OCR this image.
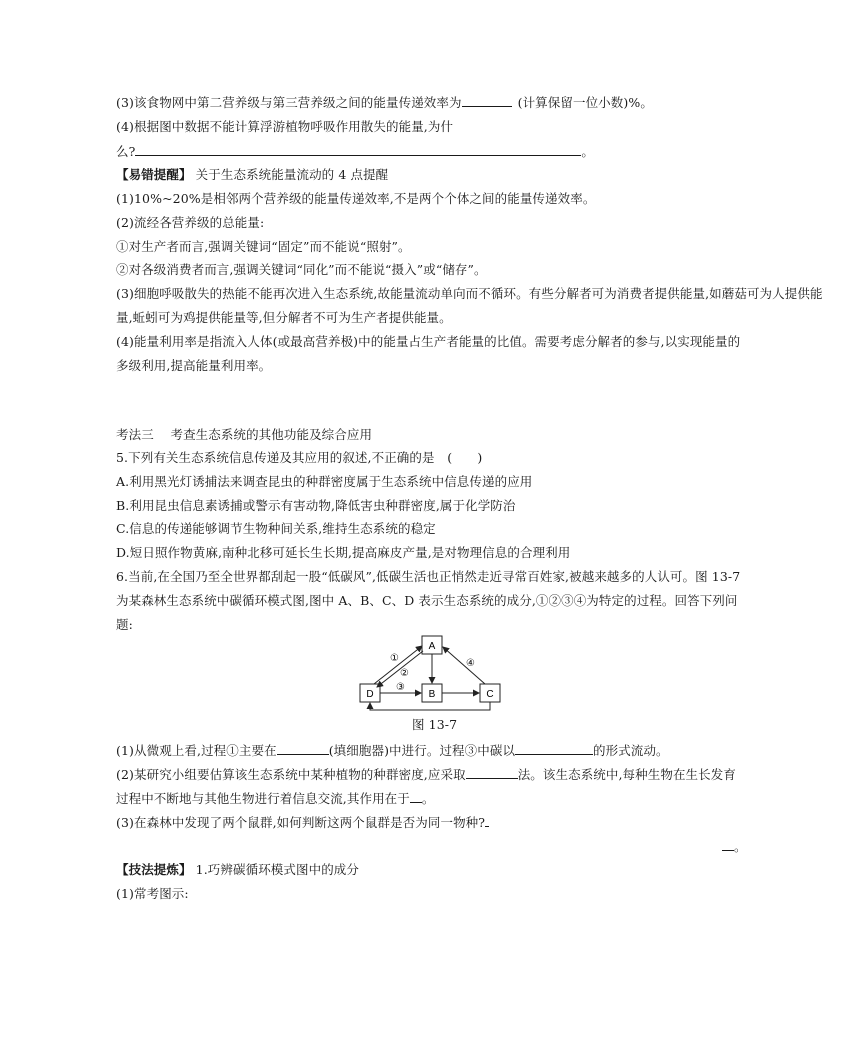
(3)该食物网中第二营养级与第三营养级之间的能量传递效率为	(计算保留一位小数)%。
(4)根据图中数据不能计算浮游植物呼吸作用散失的能量,为什
么?	。
【易错提醒】 关于生态系统能量流动的 4 点提醒
(1)10%~20%是相邻两个营养级的能量传递效率,不是两个个体之间的能量传递效率。
(2)流经各营养级的总能量:
①对生产者而言,强调关键词“固定”而不能说“照射”。
②对各级消费者而言,强调关键词“同化”而不能说“摄入”或“储存”。
(3)细胞呼吸散失的热能不能再次进入生态系统,故能量流动单向而不循环。有些分解者可为消费者提供能量,如蘑菇可为人提供能
量,蚯蚓可为鸡提供能量等,但分解者不可为生产者提供能量。
(4)能量利用率是指流入人体(或最高营养极)中的能量占生产者能量的比值。需要考虑分解者的参与,以实现能量的
多级利用,提高能量利用率。
考法三　 考查生态系统的其他功能及综合应用
5.下列有关生态系统信息传递及其应用的叙述,不正确的是　(　　)
A.利用黑光灯诱捕法来调查昆虫的种群密度属于生态系统中信息传递的应用
B.利用昆虫信息素诱捕或警示有害动物,降低害虫种群密度,属于化学防治
C.信息的传递能够调节生物种间关系,维持生态系统的稳定
D.短日照作物黄麻,南种北移可延长生长期,提高麻皮产量,是对物理信息的合理利用
6.当前,在全国乃至全世界都刮起一股“低碳风”,低碳生活也正悄然走近寻常百姓家,被越来越多的人认可。图 13-7
为某森林生态系统中碳循环模式图,图中 A、B、C、D 表示生态系统的成分,①②③④为特定的过程。回答下列问
题:
A
B	C
D
①
②
③
④
图 13-7
(1)从微观上看,过程①主要在	(填细胞器)中进行。过程③中碳以	的形式流动。
(2)某研究小组要估算该生态系统中某种植物的种群密度,应采取	法。该生态系统中,每种生物在生长发育
过程中不断地与其他生物进行着信息交流,其作用在于 。
(3)在森林中发现了两个鼠群,如何判断这两个鼠群是否为同一物种?
。
【技法提炼】 1.巧辨碳循环模式图中的成分
(1)常考图示:
